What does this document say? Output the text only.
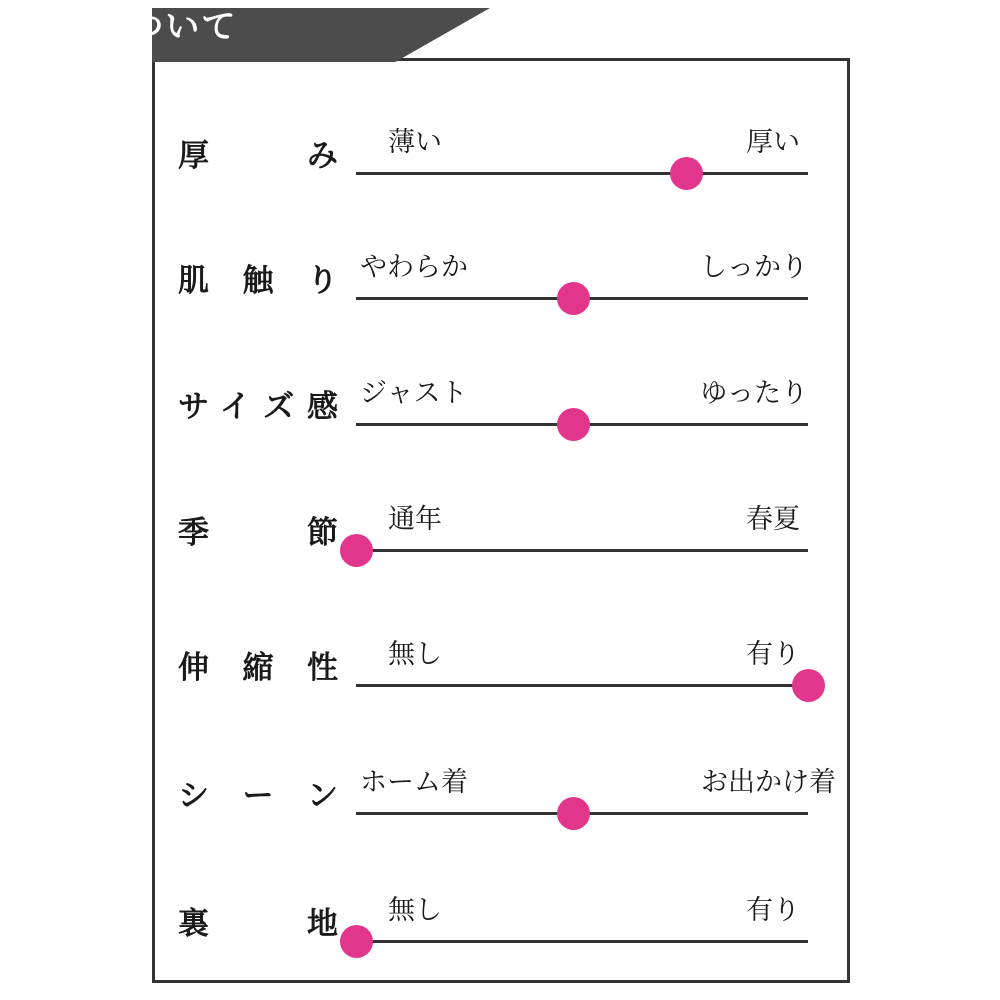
生地について
厚 み 薄い	厚い
肌 触 り やわらか	しっかり
サイズ感 ジャスト	ゆったり
季 節 通年	春夏
伸 縮 性 無し	有り
シ ー ン ホーム着	お出かけ着
裏 地 無し	有り
